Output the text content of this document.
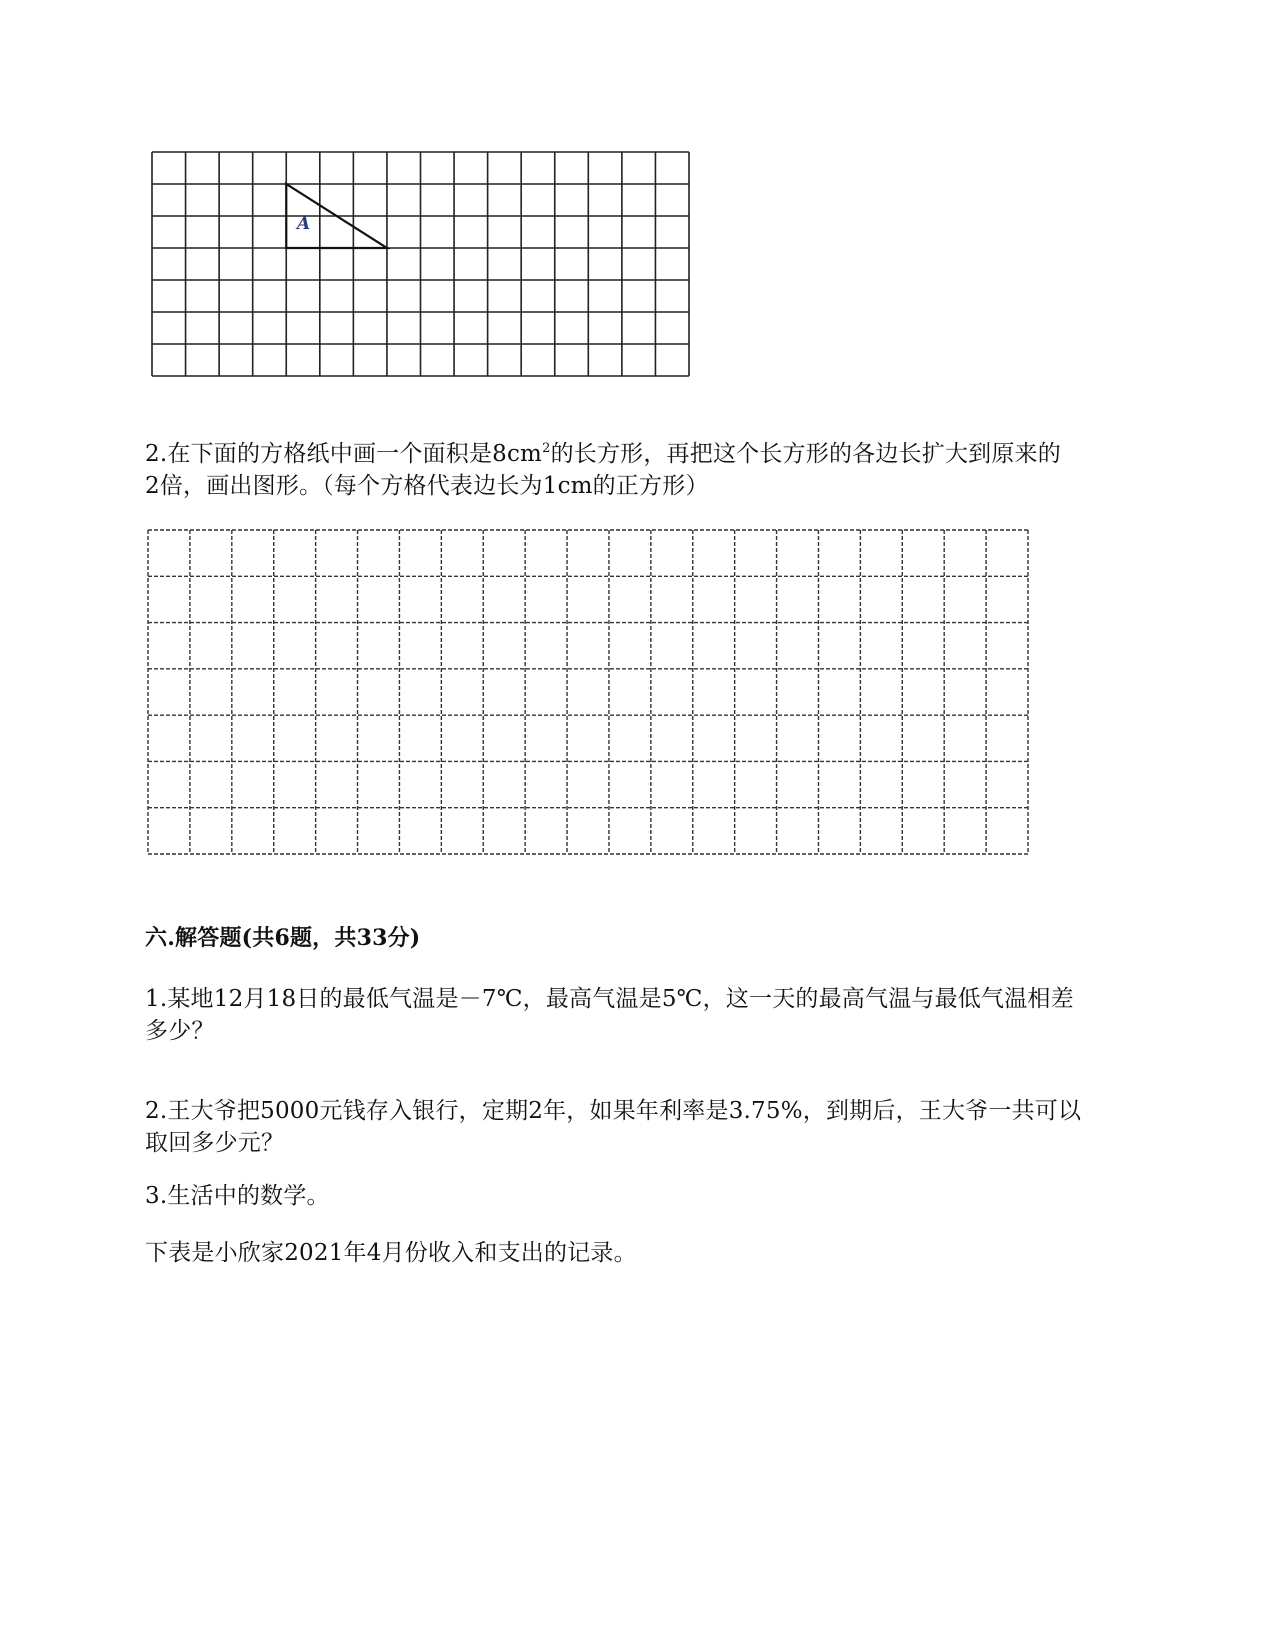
A
2.在下面的方格纸中画一个面积是$8cm^2$的长方形，再把这个长方形的各边长扩大到原来的
2倍，画出图形。（每个方格代表边长为1cm的正方形）
六.解答题(共6题，共33分)
1.某地12月18日的最低气温是－7℃，最高气温是5℃，这一天的最高气温与最低气温相差
多少？
2.王大爷把5000元钱存入银行，定期2年，如果年利率是3.75%，到期后，王大爷一共可以
取回多少元？
3.生活中的数学。
下表是小欣家2021年4月份收入和支出的记录。
